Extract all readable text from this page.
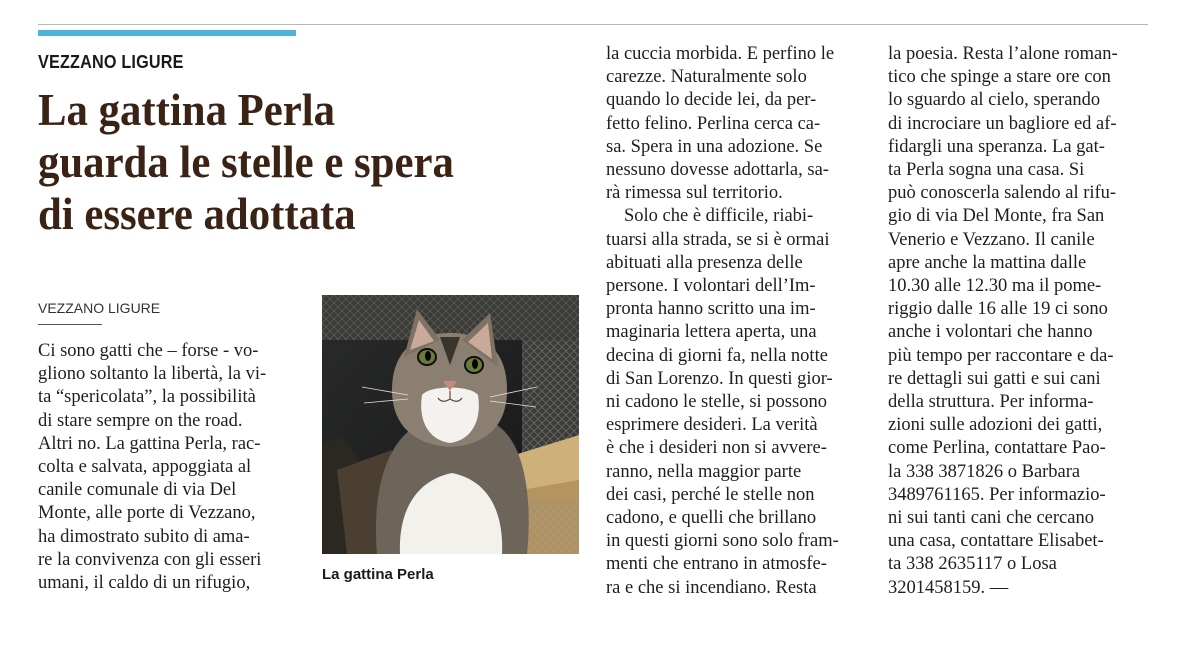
VEZZANO LIGURE

La gattina Perla
guarda le stelle e spera
di essere adottata

VEZZANO LIGURE

Ci sono gatti che – forse - vo-
gliono soltanto la libertà, la vi-
ta “spericolata”, la possibilità
di stare sempre on the road.
Altri no. La gattina Perla, rac-
colta e salvata, appoggiata al
canile comunale di via Del
Monte, alle porte di Vezzano,
ha dimostrato subito di ama-
re la convivenza con gli esseri
umani, il caldo di un rifugio,	La gattina Perla

la cuccia morbida. E perfino le
carezze. Naturalmente solo
quando lo decide lei, da per-
fetto felino. Perlina cerca ca-
sa. Spera in una adozione. Se
nessuno dovesse adottarla, sa-
rà rimessa sul territorio.
Solo che è difficile, riabi-
tuarsi alla strada, se si è ormai
abituati alla presenza delle
persone. I volontari dell’Im-
pronta hanno scritto una im-
maginaria lettera aperta, una
decina di giorni fa, nella notte
di San Lorenzo. In questi gior-
ni cadono le stelle, si possono
esprimere desideri. La verità
è che i desideri non si avvere-
ranno, nella maggior parte
dei casi, perché le stelle non
cadono, e quelli che brillano
in questi giorni sono solo fram-
menti che entrano in atmosfe-
ra e che si incendiano. Resta
la poesia. Resta l’alone roman-
tico che spinge a stare ore con
lo sguardo al cielo, sperando
di incrociare un bagliore ed af-
fidargli una speranza. La gat-
ta Perla sogna una casa. Si
può conoscerla salendo al rifu-
gio di via Del Monte, fra San
Venerio e Vezzano. Il canile
apre anche la mattina dalle
10.30 alle 12.30 ma il pome-
riggio dalle 16 alle 19 ci sono
anche i volontari che hanno
più tempo per raccontare e da-
re dettagli sui gatti e sui cani
della struttura. Per informa-
zioni sulle adozioni dei gatti,
come Perlina, contattare Pao-
la 338 3871826 o Barbara
3489761165. Per informazio-
ni sui tanti cani che cercano
una casa, contattare Elisabet-
ta 338 2635117 o Losa
3201458159. —
